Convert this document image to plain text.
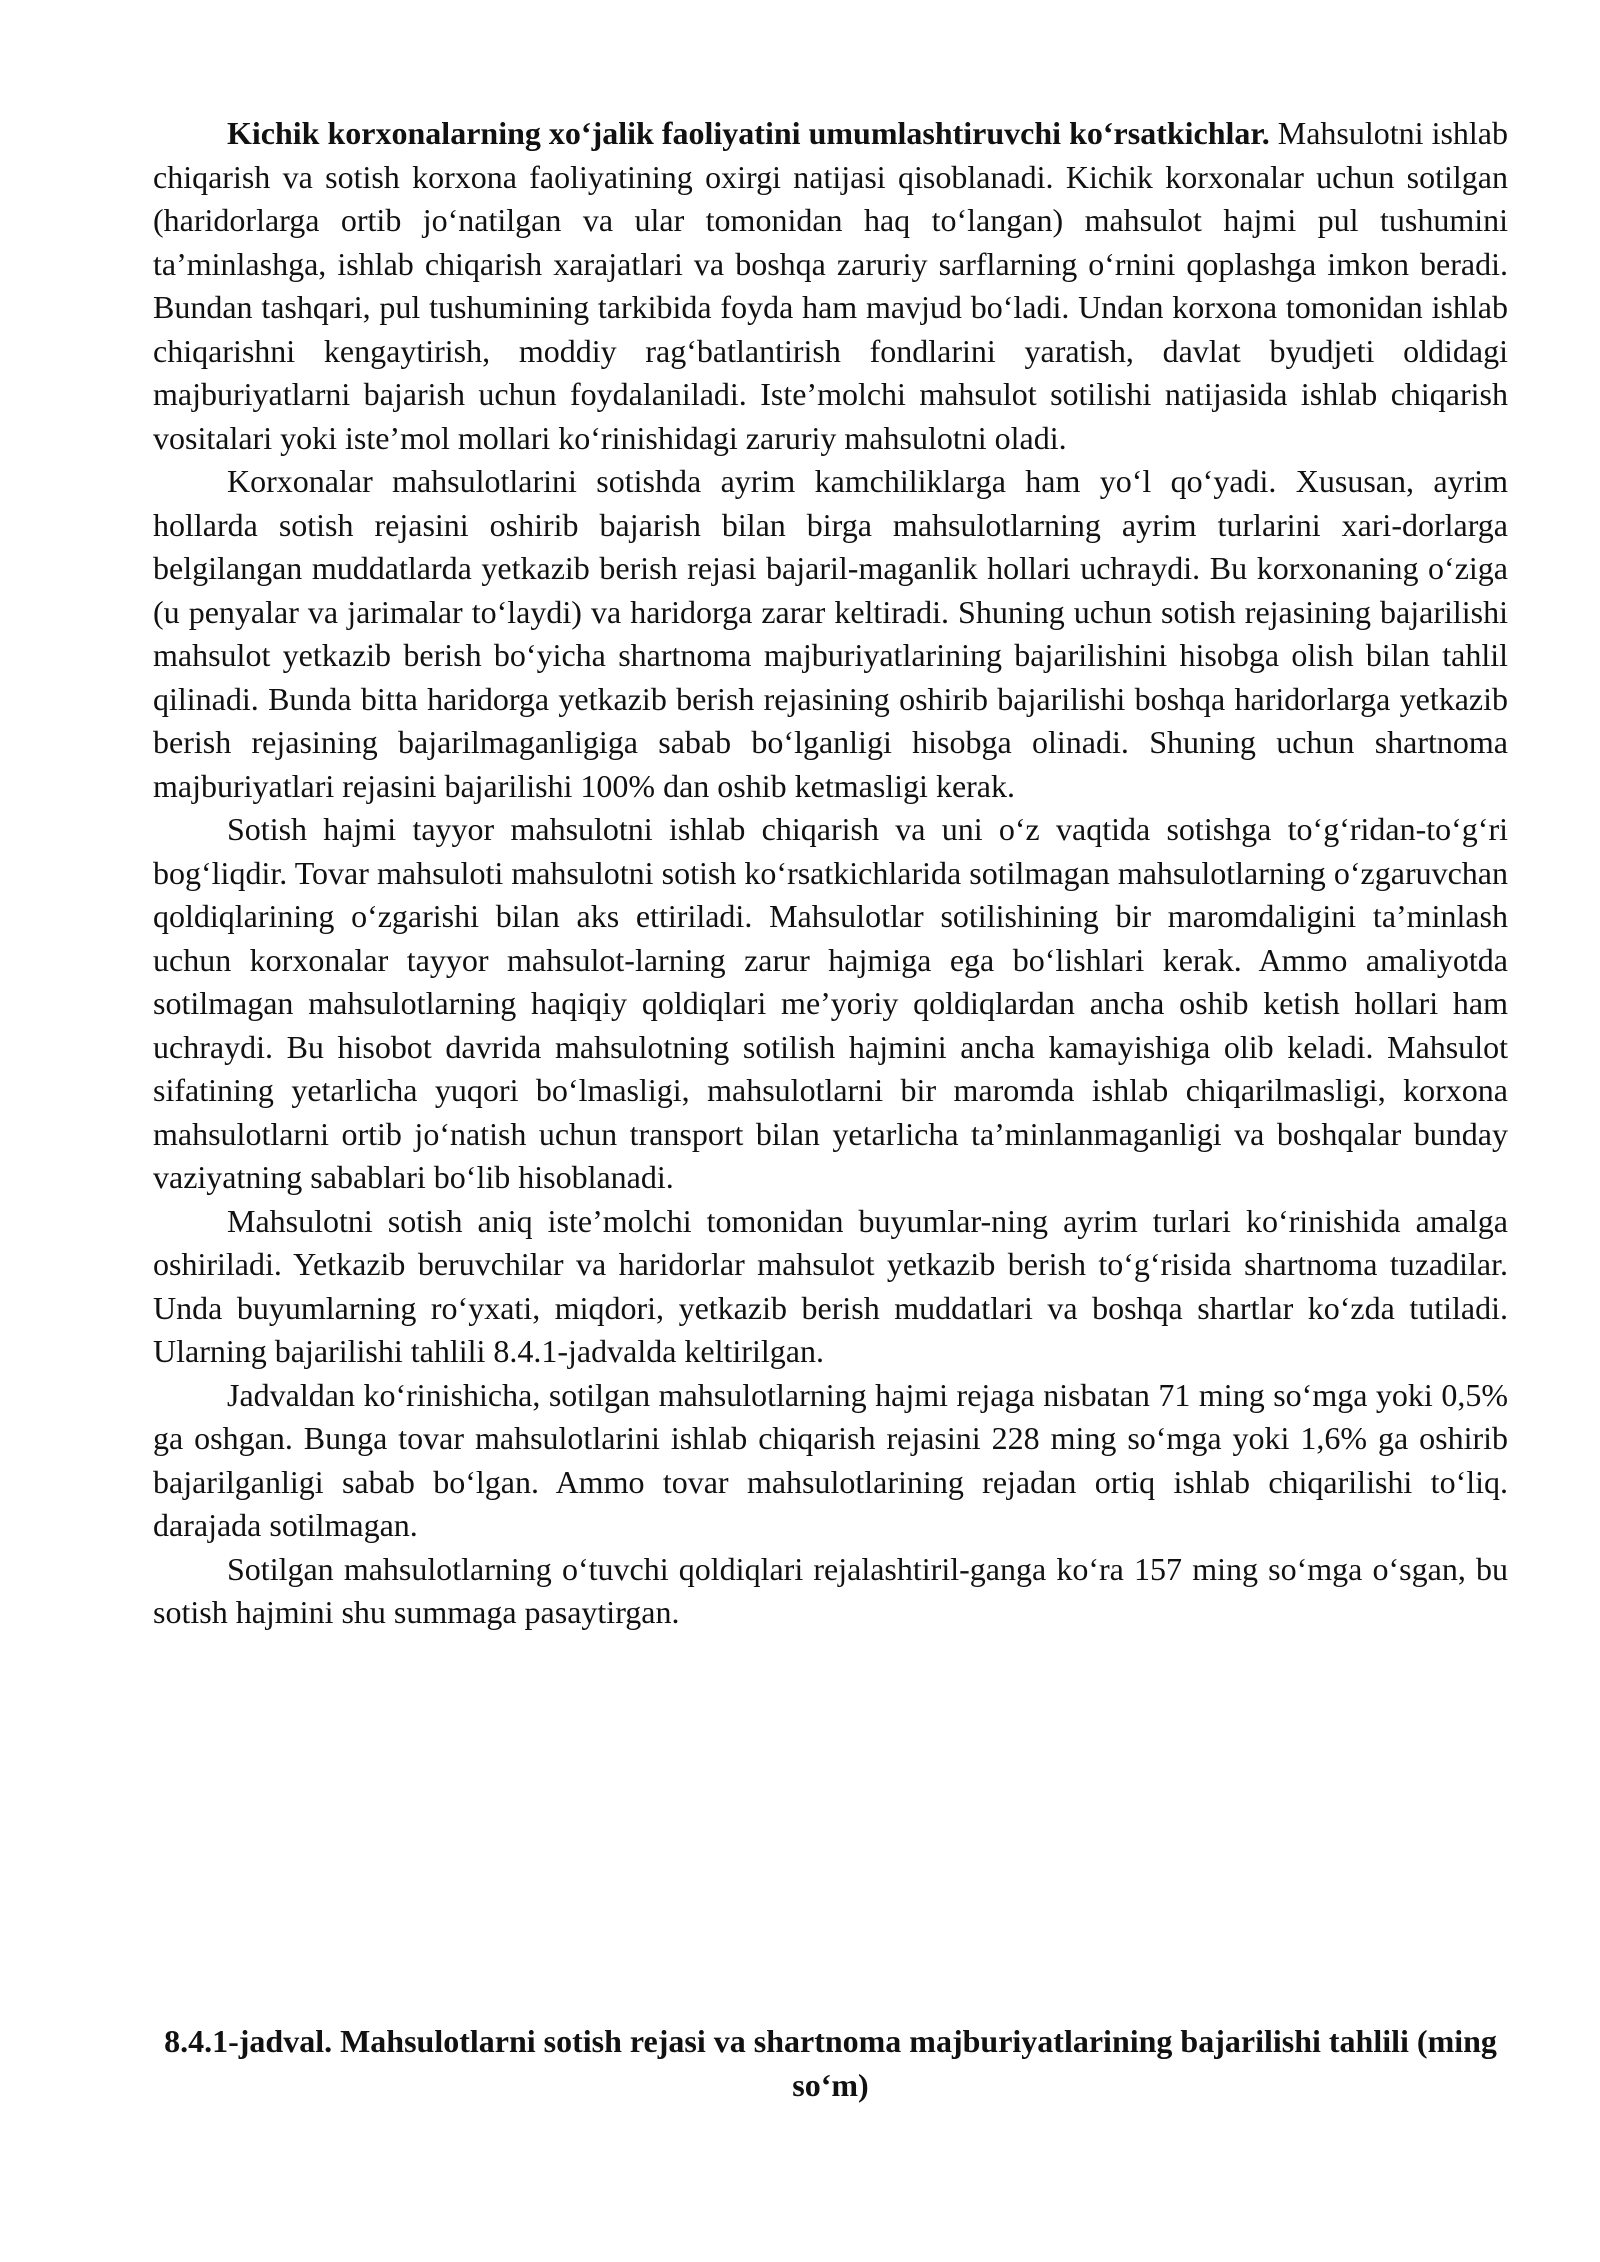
Kichik korxonalarning xo‘jalik faoliyatini umumlashtiruvchi ko‘rsatkichlar. Mahsulotni ishlab chiqarish va sotish korxona faoliyatining oxirgi natijasi qisoblanadi. Kichik korxonalar uchun sotilgan (haridorlarga ortib jo‘natilgan va ular tomonidan haq to‘langan) mahsulot hajmi pul tushumini ta’minlashga, ishlab chiqarish xarajatlari va boshqa zaruriy sarflarning o‘rnini qoplashga imkon beradi. Bundan tashqari, pul tushumining tarkibida foyda ham mavjud bo‘ladi. Undan korxona tomonidan ishlab chiqarishni kengaytirish, moddiy rag‘batlantirish fondlarini yaratish, davlat byudjeti oldidagi majburiyatlarni bajarish uchun foydalaniladi. Iste’molchi mahsulot sotilishi natijasida ishlab chiqarish vositalari yoki iste’mol mollari ko‘rinishidagi zaruriy mahsulotni oladi.

Korxonalar mahsulotlarini sotishda ayrim kamchiliklarga ham yo‘l qo‘yadi. Xususan, ayrim hollarda sotish rejasini oshirib bajarish bilan birga mahsulotlarning ayrim turlarini xari-dorlarga belgilangan muddatlarda yetkazib berish rejasi bajaril-maganlik hollari uchraydi. Bu korxonaning o‘ziga (u penyalar va jarimalar to‘laydi) va haridorga zarar keltiradi. Shuning uchun sotish rejasining bajarilishi mahsulot yetkazib berish bo‘yicha shartnoma majburiyatlarining bajarilishini hisobga olish bilan tahlil qilinadi. Bunda bitta haridorga yetkazib berish rejasining oshirib bajarilishi boshqa haridorlarga yetkazib berish rejasining bajarilmaganligiga sabab bo‘lganligi hisobga olinadi. Shuning uchun shartnoma majburiyatlari rejasini bajarilishi 100% dan oshib ketmasligi kerak.

Sotish hajmi tayyor mahsulotni ishlab chiqarish va uni o‘z vaqtida sotishga to‘g‘ridan-to‘g‘ri bog‘liqdir. Tovar mahsuloti mahsulotni sotish ko‘rsatkichlarida sotilmagan mahsulotlarning o‘zgaruvchan qoldiqlarining o‘zgarishi bilan aks ettiriladi. Mahsulotlar sotilishining bir maromdaligini ta’minlash uchun korxonalar tayyor mahsulot-larning zarur hajmiga ega bo‘lishlari kerak. Ammo amaliyotda sotilmagan mahsulotlarning haqiqiy qoldiqlari me’yoriy qoldiqlardan ancha oshib ketish hollari ham uchraydi. Bu hisobot davrida mahsulotning sotilish hajmini ancha kamayishiga olib keladi. Mahsulot sifatining yetarlicha yuqori bo‘lmasligi, mahsulotlarni bir maromda ishlab chiqarilmasligi, korxona mahsulotlarni ortib jo‘natish uchun transport bilan yetarlicha ta’minlanmaganligi va boshqalar bunday vaziyatning sabablari bo‘lib hisoblanadi.

Mahsulotni sotish aniq iste’molchi tomonidan buyumlar-ning ayrim turlari ko‘rinishida amalga oshiriladi. Yetkazib beruvchilar va haridorlar mahsulot yetkazib berish to‘g‘risida shartnoma tuzadilar. Unda buyumlarning ro‘yxati, miqdori, yetkazib berish muddatlari va boshqa shartlar ko‘zda tutiladi. Ularning bajarilishi tahlili 8.4.1-jadvalda keltirilgan.

Jadvaldan ko‘rinishicha, sotilgan mahsulotlarning hajmi rejaga nisbatan 71 ming so‘mga yoki 0,5% ga oshgan. Bunga tovar mahsulotlarini ishlab chiqarish rejasini 228 ming so‘mga yoki 1,6% ga oshirib bajarilganligi sabab bo‘lgan. Ammo tovar mahsulotlarining rejadan ortiq ishlab chiqarilishi to‘liq. darajada sotilmagan.

Sotilgan mahsulotlarning o‘tuvchi qoldiqlari rejalashtiril-ganga ko‘ra 157 ming so‘mga o‘sgan, bu sotish hajmini shu summaga pasaytirgan.

8.4.1-jadval. Mahsulotlarni sotish rejasi va shartnoma majburiyatlarining bajarilishi tahlili (ming so‘m)
